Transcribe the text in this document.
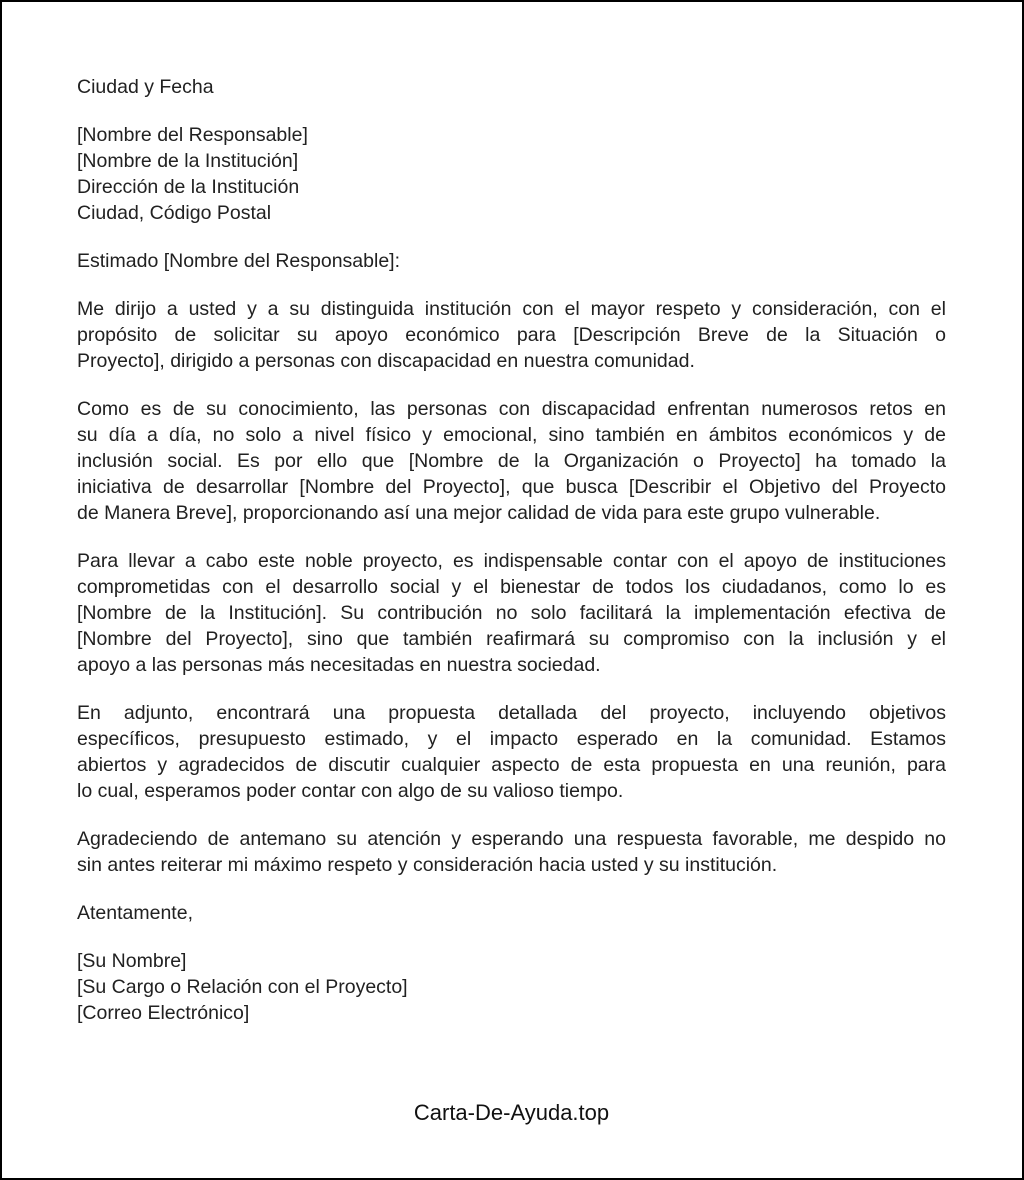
Ciudad y Fecha
[Nombre del Responsable]
[Nombre de la Institución]
Dirección de la Institución
Ciudad, Código Postal
Estimado [Nombre del Responsable]:
Me dirijo a usted y a su distinguida institución con el mayor respeto y consideración, con el
propósito de solicitar su apoyo económico para [Descripción Breve de la Situación o
Proyecto], dirigido a personas con discapacidad en nuestra comunidad.
Como es de su conocimiento, las personas con discapacidad enfrentan numerosos retos en
su día a día, no solo a nivel físico y emocional, sino también en ámbitos económicos y de
inclusión social. Es por ello que [Nombre de la Organización o Proyecto] ha tomado la
iniciativa de desarrollar [Nombre del Proyecto], que busca [Describir el Objetivo del Proyecto
de Manera Breve], proporcionando así una mejor calidad de vida para este grupo vulnerable.
Para llevar a cabo este noble proyecto, es indispensable contar con el apoyo de instituciones
comprometidas con el desarrollo social y el bienestar de todos los ciudadanos, como lo es
[Nombre de la Institución]. Su contribución no solo facilitará la implementación efectiva de
[Nombre del Proyecto], sino que también reafirmará su compromiso con la inclusión y el
apoyo a las personas más necesitadas en nuestra sociedad.
En adjunto, encontrará una propuesta detallada del proyecto, incluyendo objetivos
específicos, presupuesto estimado, y el impacto esperado en la comunidad. Estamos
abiertos y agradecidos de discutir cualquier aspecto de esta propuesta en una reunión, para
lo cual, esperamos poder contar con algo de su valioso tiempo.
Agradeciendo de antemano su atención y esperando una respuesta favorable, me despido no
sin antes reiterar mi máximo respeto y consideración hacia usted y su institución.
Atentamente,
[Su Nombre]
[Su Cargo o Relación con el Proyecto]
[Correo Electrónico]
Carta-De-Ayuda.top
